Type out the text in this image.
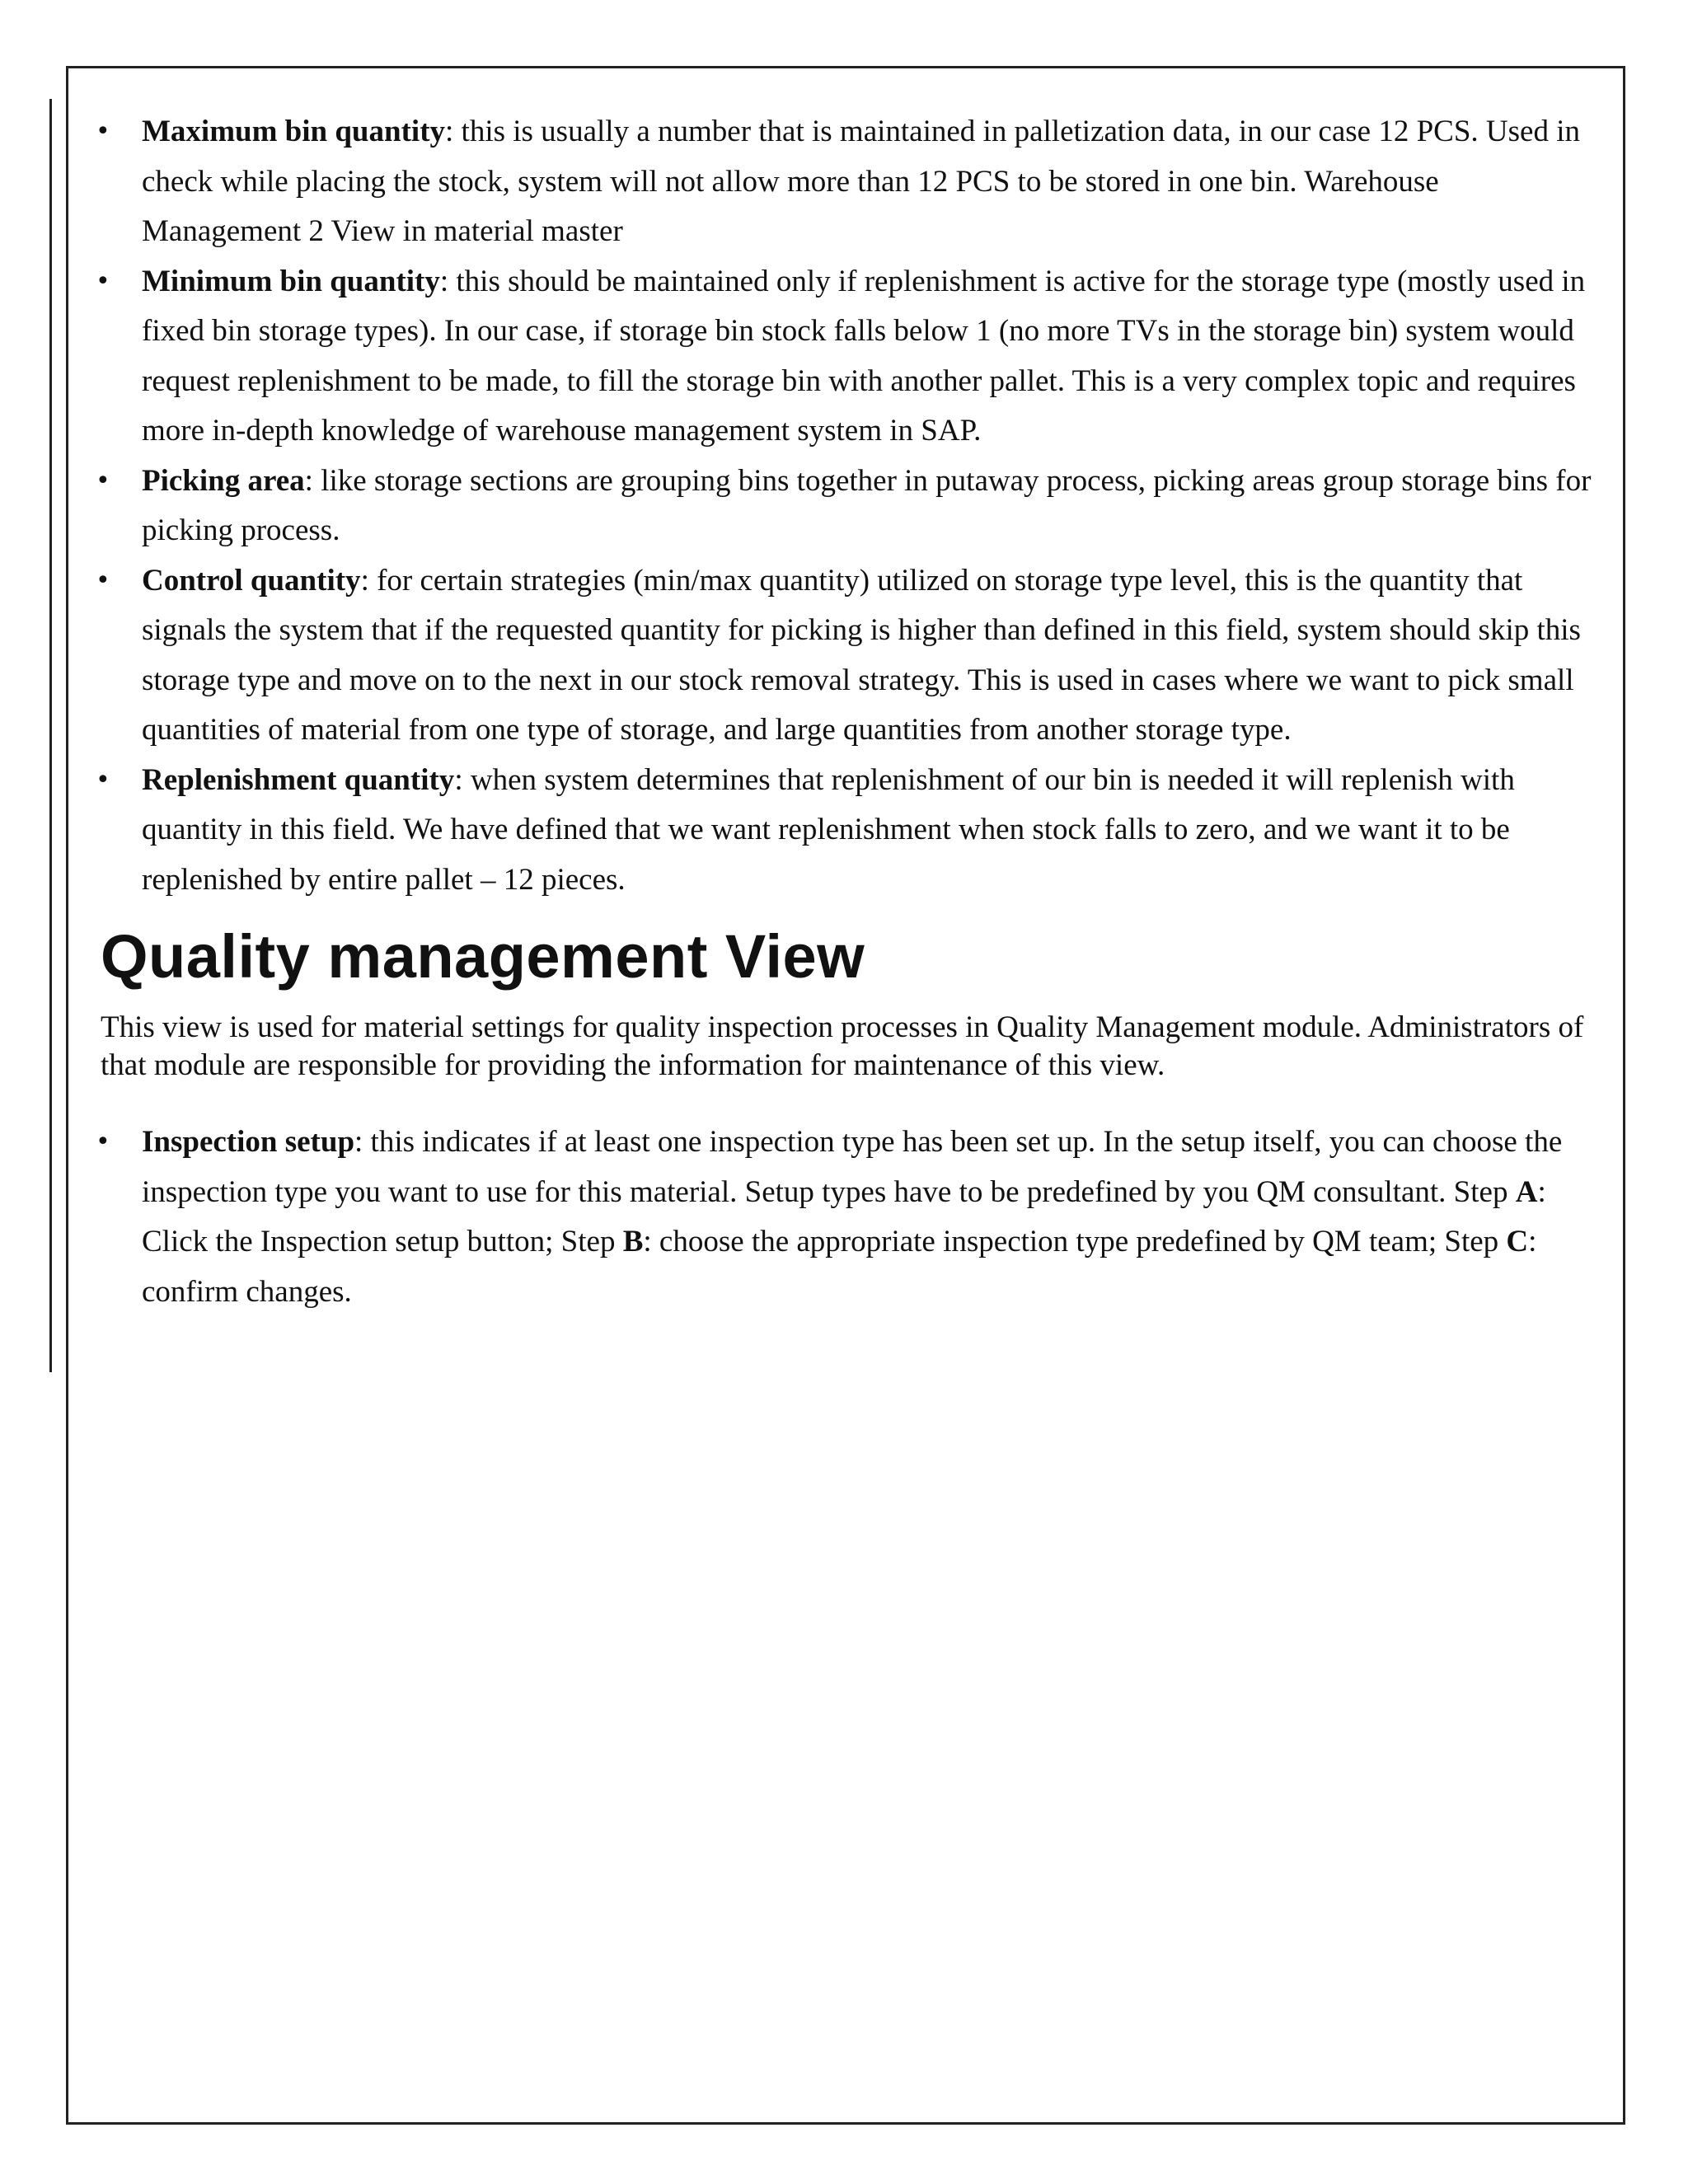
• Maximum bin quantity: this is usually a number that is maintained in palletization data, in our case 12 PCS. Used in check while placing the stock, system will not allow more than 12 PCS to be stored in one bin. Warehouse Management 2 View in material master
• Minimum bin quantity: this should be maintained only if replenishment is active for the storage type (mostly used in fixed bin storage types). In our case, if storage bin stock falls below 1 (no more TVs in the storage bin) system would request replenishment to be made, to fill the storage bin with another pallet. This is a very complex topic and requires more in-depth knowledge of warehouse management system in SAP.
• Picking area: like storage sections are grouping bins together in putaway process, picking areas group storage bins for picking process.
• Control quantity: for certain strategies (min/max quantity) utilized on storage type level, this is the quantity that signals the system that if the requested quantity for picking is higher than defined in this field, system should skip this storage type and move on to the next in our stock removal strategy. This is used in cases where we want to pick small quantities of material from one type of storage, and large quantities from another storage type.
• Replenishment quantity: when system determines that replenishment of our bin is needed it will replenish with quantity in this field. We have defined that we want replenishment when stock falls to zero, and we want it to be replenished by entire pallet – 12 pieces.
Quality management View

This view is used for material settings for quality inspection processes in Quality Management module. Administrators of that module are responsible for providing the information for maintenance of this view.

• Inspection setup: this indicates if at least one inspection type has been set up. In the setup itself, you can choose the inspection type you want to use for this material. Setup types have to be predefined by you QM consultant. Step A: Click the Inspection setup button; Step B: choose the appropriate inspection type predefined by QM team; Step C: confirm changes.
